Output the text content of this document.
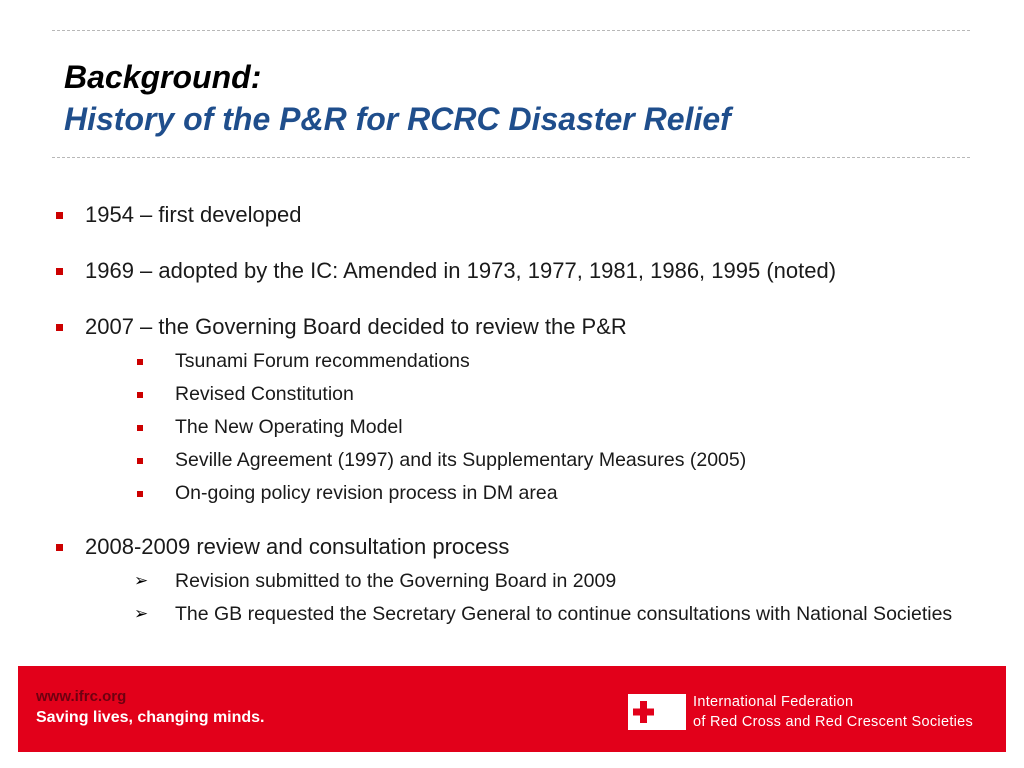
Background:
History of the P&R for RCRC Disaster Relief
1954 – first developed
1969 – adopted by the IC: Amended in 1973, 1977, 1981, 1986, 1995 (noted)
2007 – the Governing Board decided to review the P&R
Tsunami Forum recommendations
Revised Constitution
The New Operating Model
Seville Agreement (1997) and its Supplementary Measures (2005)
On-going policy revision process in DM area
2008-2009 review and consultation process
➢ Revision submitted to the Governing Board in 2009
➢ The GB requested the Secretary General to continue consultations with National Societies
www.ifrc.org
Saving lives, changing minds.
International Federation
of Red Cross and Red Crescent Societies
